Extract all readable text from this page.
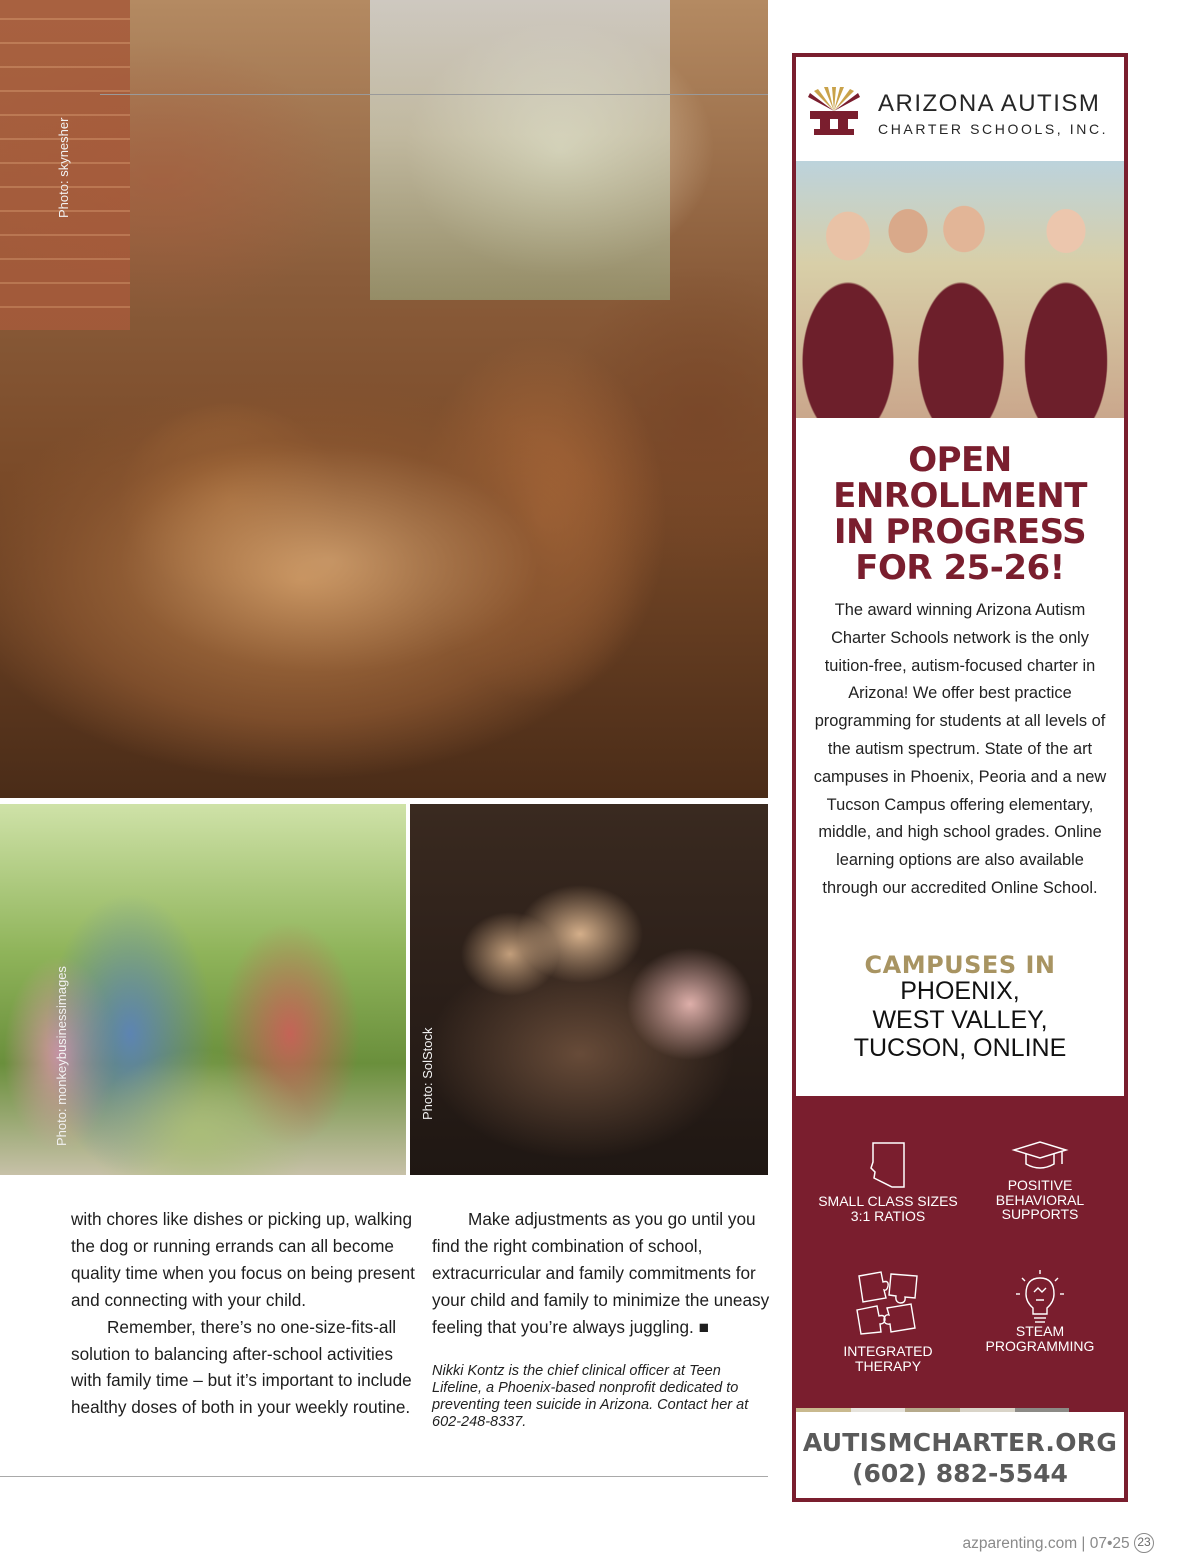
Photo: skynesher
Photo: monkeybusinessimages	Photo: SolStock

with chores like dishes or picking up, walking the dog or running errands can all become quality time when you focus on being present and connecting with your child.

Remember, there’s no one-size-fits-all solution to balancing after-school activities with family time – but it’s important to include healthy doses of both in your weekly routine.

Make adjustments as you go until you find the right combination of school, extracurricular and family commitments for your child and family to minimize the uneasy feeling that you’re always juggling. ■

Nikki Kontz is the chief clinical officer at Teen Lifeline, a Phoenix-based nonprofit dedicated to preventing teen suicide in Arizona. Contact her at 602-248-8337.
ARIZONA AUTISM
CHARTER SCHOOLS, INC.
OPEN
ENROLLMENT
IN PROGRESS
FOR 25-26!
The award winning Arizona Autism Charter Schools network is the only tuition-free, autism-focused charter in Arizona! We offer best practice programming for students at all levels of the autism spectrum. State of the art campuses in Phoenix, Peoria and a new Tucson Campus offering elementary, middle, and high school grades. Online learning options are also available through our accredited Online School.
CAMPUSES IN
PHOENIX,
WEST VALLEY,
TUCSON, ONLINE
SMALL CLASS SIZES
3:1 RATIOS
POSITIVE
BEHAVIORAL
SUPPORTS
INTEGRATED
THERAPY
STEAM
PROGRAMMING
AUTISMCHARTER.ORG
(602) 882-5544
azparenting.com | 07•25 23
